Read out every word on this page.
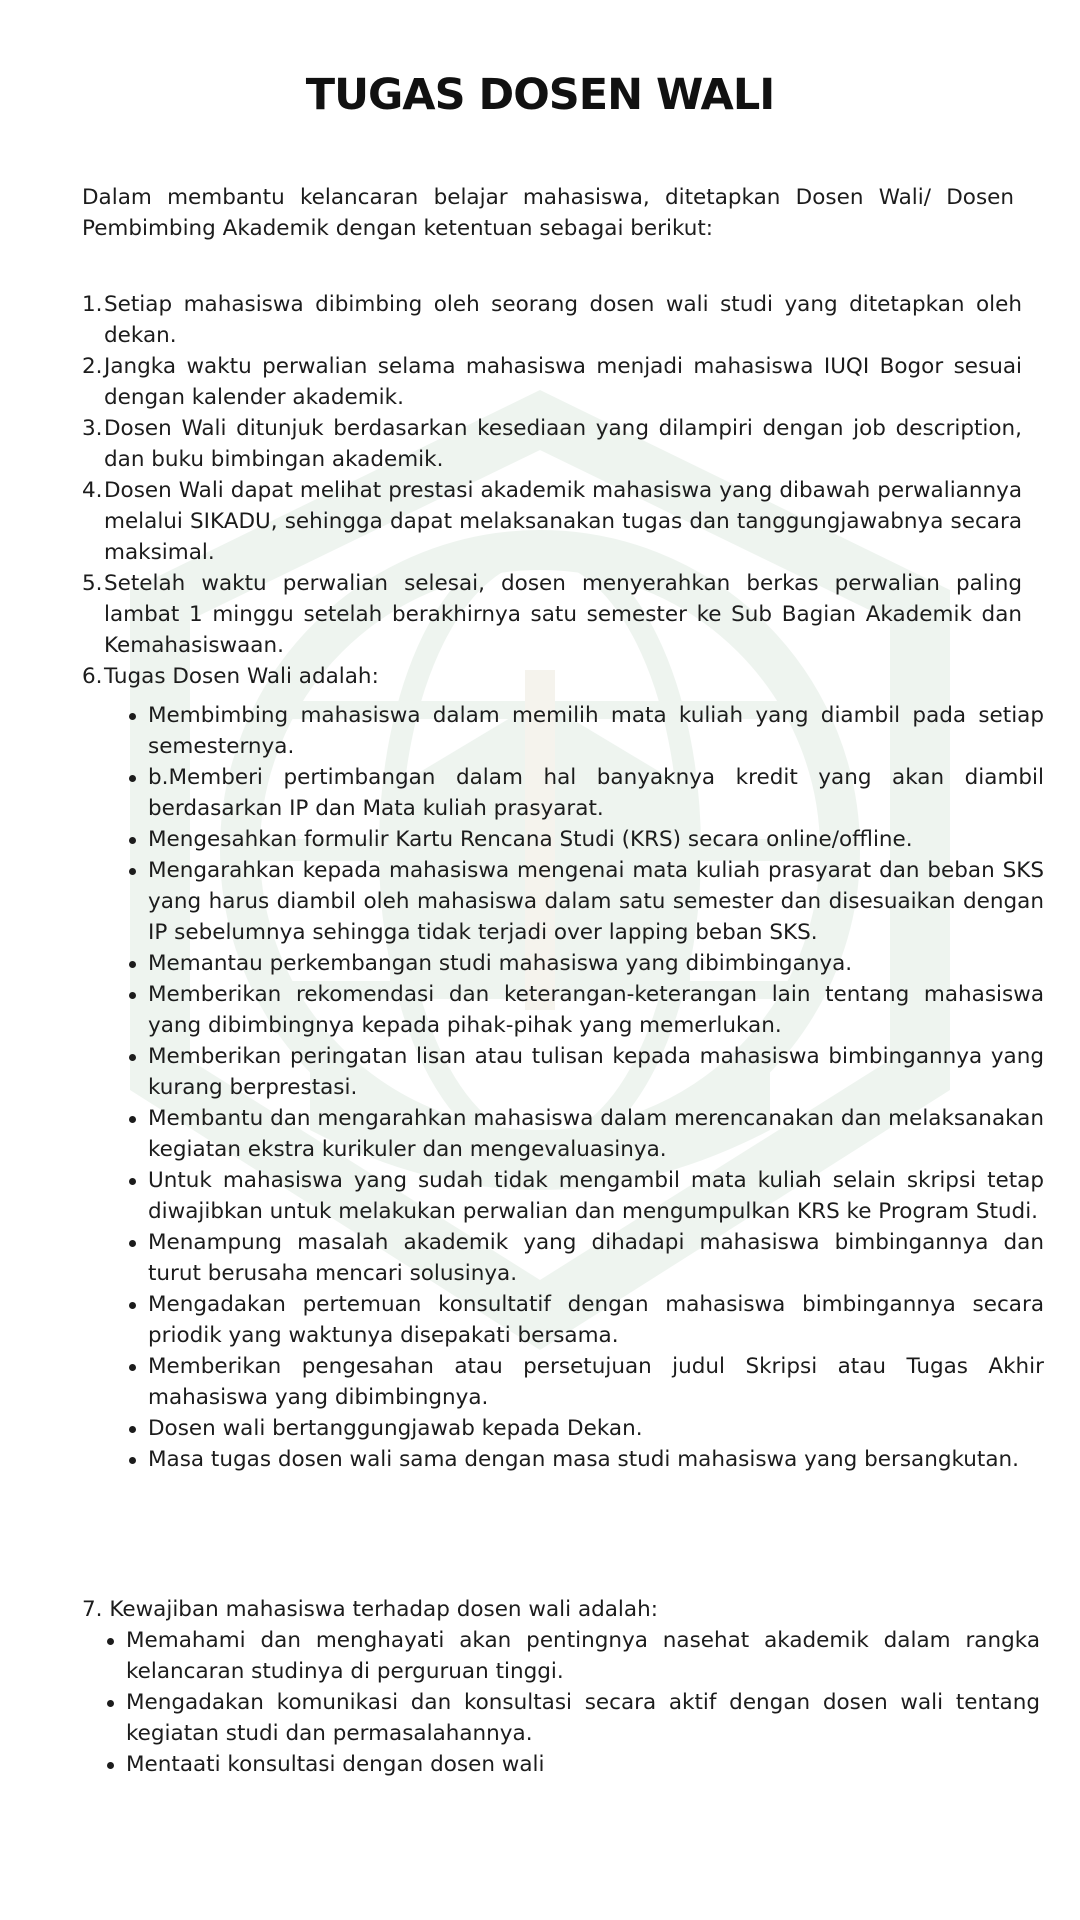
TUGAS DOSEN WALI

Dalam membantu kelancaran belajar mahasiswa, ditetapkan Dosen Wali/ Dosen Pembimbing Akademik dengan ketentuan sebagai berikut:

1. Setiap mahasiswa dibimbing oleh seorang dosen wali studi yang ditetapkan oleh dekan.
2. Jangka waktu perwalian selama mahasiswa menjadi mahasiswa IUQI Bogor sesuai dengan kalender akademik.
3. Dosen Wali ditunjuk berdasarkan kesediaan yang dilampiri dengan job description, dan buku bimbingan akademik.
4. Dosen Wali dapat melihat prestasi akademik mahasiswa yang dibawah perwaliannya melalui SIKADU, sehingga dapat melaksanakan tugas dan tanggungjawabnya secara maksimal.
5. Setelah waktu perwalian selesai, dosen menyerahkan berkas perwalian paling lambat 1 minggu setelah berakhirnya satu semester ke Sub Bagian Akademik dan Kemahasiswaan.
6. Tugas Dosen Wali adalah:
Membimbing mahasiswa dalam memilih mata kuliah yang diambil pada setiap semesternya.
b.Memberi pertimbangan dalam hal banyaknya kredit yang akan diambil berdasarkan IP dan Mata kuliah prasyarat.
Mengesahkan formulir Kartu Rencana Studi (KRS) secara online/offline.
Mengarahkan kepada mahasiswa mengenai mata kuliah prasyarat dan beban SKS yang harus diambil oleh mahasiswa dalam satu semester dan disesuaikan dengan IP sebelumnya sehingga tidak terjadi over lapping beban SKS.
Memantau perkembangan studi mahasiswa yang dibimbinganya.
Memberikan rekomendasi dan keterangan-keterangan lain tentang mahasiswa yang dibimbingnya kepada pihak-pihak yang memerlukan.
Memberikan peringatan lisan atau tulisan kepada mahasiswa bimbingannya yang kurang berprestasi.
Membantu dan mengarahkan mahasiswa dalam merencanakan dan melaksanakan kegiatan ekstra kurikuler dan mengevaluasinya.
Untuk mahasiswa yang sudah tidak mengambil mata kuliah selain skripsi tetap diwajibkan untuk melakukan perwalian dan mengumpulkan KRS ke Program Studi.
Menampung masalah akademik yang dihadapi mahasiswa bimbingannya dan turut berusaha mencari solusinya.
Mengadakan pertemuan konsultatif dengan mahasiswa bimbingannya secara priodik yang waktunya disepakati bersama.
Memberikan pengesahan atau persetujuan judul Skripsi atau Tugas Akhir mahasiswa yang dibimbingnya.
Dosen wali bertanggungjawab kepada Dekan.
Masa tugas dosen wali sama dengan masa studi mahasiswa yang bersangkutan.
7. Kewajiban mahasiswa terhadap dosen wali adalah:
Memahami dan menghayati akan pentingnya nasehat akademik dalam rangka kelancaran studinya di perguruan tinggi.
Mengadakan komunikasi dan konsultasi secara aktif dengan dosen wali tentang kegiatan studi dan permasalahannya.
Mentaati konsultasi dengan dosen wali
